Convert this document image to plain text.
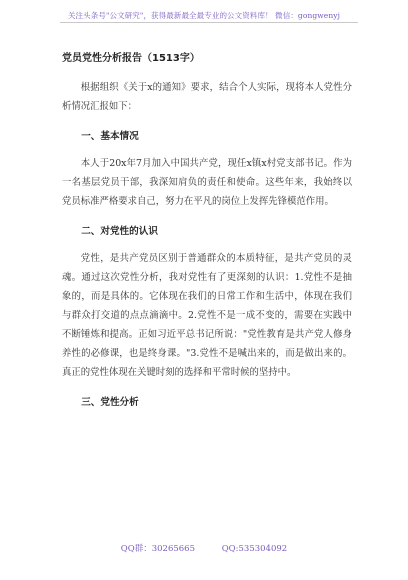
关注头条号"公文研究"，获得最新最全最专业的公文资料库！ 微信：gongwenyj
党员党性分析报告（1513字）

根据组织《关于x的通知》要求，结合个人实际，现将本人党性分析情况汇报如下：

一、基本情况

本人于20x年7月加入中国共产党，现任x镇x村党支部书记。作为一名基层党员干部，我深知肩负的责任和使命。这些年来，我始终以党员标准严格要求自己，努力在平凡的岗位上发挥先锋模范作用。

二、对党性的认识

党性，是共产党员区别于普通群众的本质特征，是共产党员的灵魂。通过这次党性分析，我对党性有了更深刻的认识：1.党性不是抽象的，而是具体的。它体现在我们的日常工作和生活中，体现在我们与群众打交道的点点滴滴中。2.党性不是一成不变的，需要在实践中不断锤炼和提高。正如习近平总书记所说："党性教育是共产党人修身养性的必修课，也是终身课。"3.党性不是喊出来的，而是做出来的。真正的党性体现在关键时刻的选择和平常时候的坚持中。

三、党性分析
QQ群：30265665	QQ:535304092
